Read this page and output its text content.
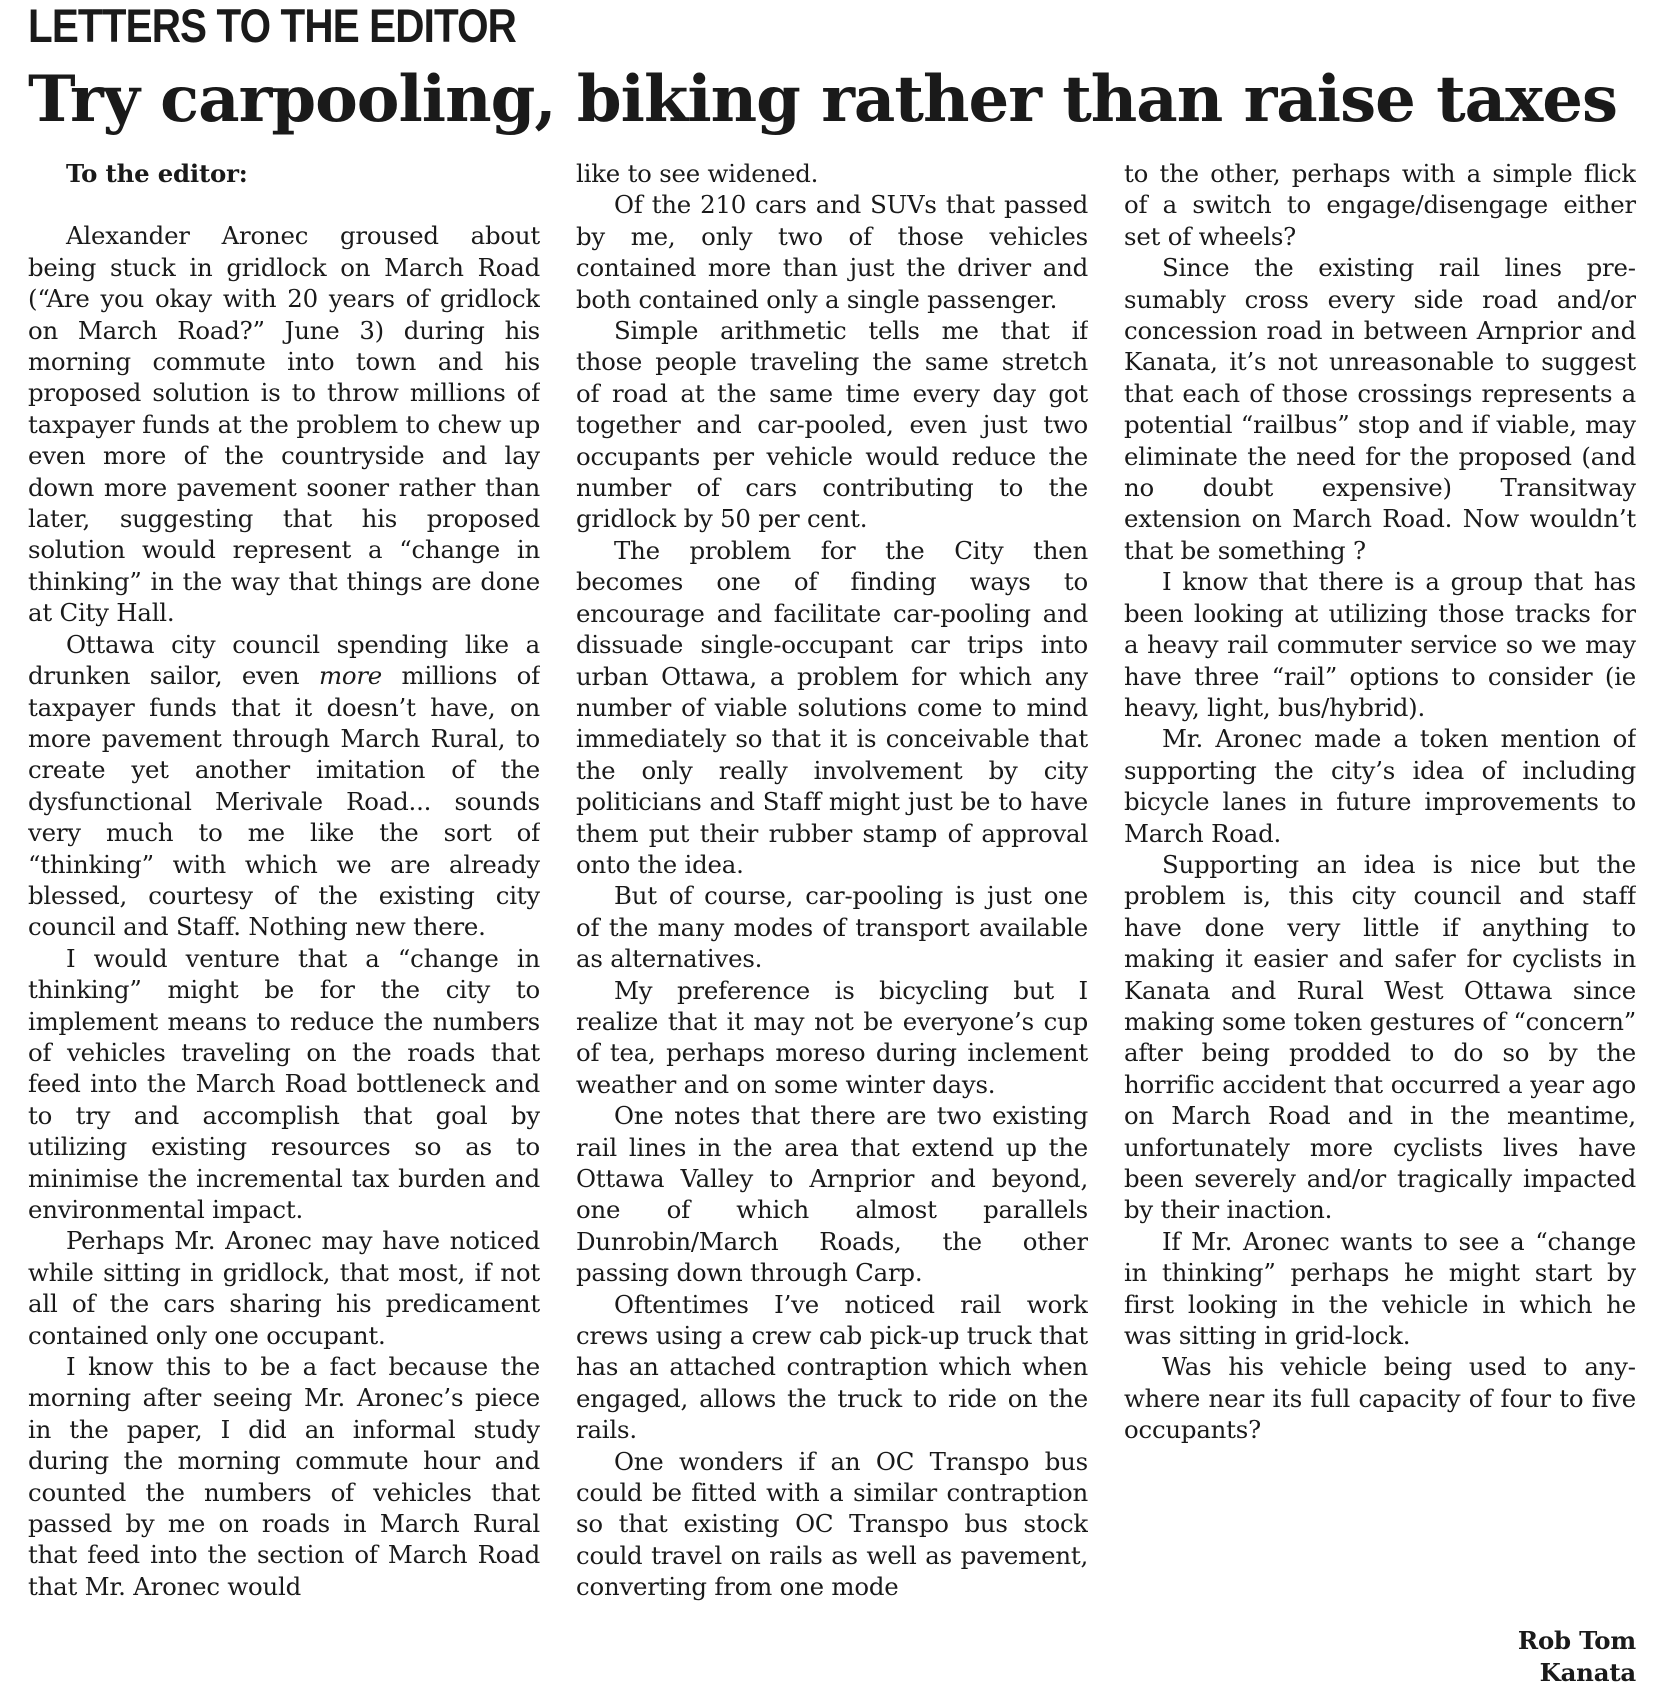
LETTERS TO THE EDITOR
Try carpooling, biking rather than raise taxes

To the editor:

Alexander Aronec groused about being stuck in gridlock on March Road (“Are you okay with 20 years of gridlock on March Road?” June 3) during his morning commute into town and his proposed solution is to throw millions of taxpayer funds at the problem to chew up even more of the countryside and lay down more pavement sooner rather than later, suggesting that his proposed solution would represent a “change in thinking” in the way that things are done at City Hall.

Ottawa city council spending like a drunken sailor, even more millions of taxpayer funds that it doesn’t have, on more pavement through March Rural, to create yet another imitation of the dysfunctional Merivale Road... sounds very much to me like the sort of “thinking” with which we are already blessed, courtesy of the existing city council and Staff. Nothing new there.

I would venture that a “change in thinking” might be for the city to implement means to reduce the numbers of vehicles traveling on the roads that feed into the March Road bottleneck and to try and accomplish that goal by utilizing existing resources so as to minimise the incremental tax burden and environmental impact.

Perhaps Mr. Aronec may have noticed while sitting in gridlock, that most, if not all of the cars sharing his predicament contained only one occupant.

I know this to be a fact because the morning after seeing Mr. Aronec’s piece in the paper, I did an informal study during the morning commute hour and counted the numbers of vehicles that passed by me on roads in March Rural that feed into the section of March Road that Mr. Aronec would

like to see widened.

Of the 210 cars and SUVs that passed by me, only two of those vehicles contained more than just the driver and both contained only a single passenger.

Simple arithmetic tells me that if those people traveling the same stretch of road at the same time every day got together and car-pooled, even just two occupants per vehicle would reduce the number of cars contributing to the gridlock by 50 per cent.

The problem for the City then becomes one of finding ways to encourage and facilitate car-pooling and dissuade single-occupant car trips into urban Ottawa, a problem for which any number of viable solutions come to mind immediately so that it is conceivable that the only really involvement by city politicians and Staff might just be to have them put their rubber stamp of approval onto the idea.

But of course, car-pooling is just one of the many modes of transport available as alternatives.

My preference is bicycling but I realize that it may not be everyone’s cup of tea, perhaps moreso during inclement weather and on some winter days.

One notes that there are two existing rail lines in the area that extend up the Ottawa Valley to Arnprior and beyond, one of which almost parallels Dunrobin/March Roads, the other passing down through Carp.

Oftentimes I’ve noticed rail work crews using a crew cab pick-up truck that has an attached contraption which when engaged, allows the truck to ride on the rails.

One wonders if an OC Transpo bus could be fitted with a similar contraption so that existing OC Transpo bus stock could travel on rails as well as pavement, converting from one mode

to the other, perhaps with a simple flick of a switch to engage/disengage either set of wheels?

Since the existing rail lines presumably cross every side road and/or concession road in between Arnprior and Kanata, it’s not unreasonable to suggest that each of those crossings represents a potential “railbus” stop and if viable, may eliminate the need for the proposed (and no doubt expensive) Transitway extension on March Road. Now wouldn’t that be something ?

I know that there is a group that has been looking at utilizing those tracks for a heavy rail commuter service so we may have three “rail” options to consider (ie heavy, light, bus/hybrid).

Mr. Aronec made a token mention of supporting the city’s idea of including bicycle lanes in future improvements to March Road.

Supporting an idea is nice but the problem is, this city council and staff have done very little if anything to making it easier and safer for cyclists in Kanata and Rural West Ottawa since making some token gestures of “concern” after being prodded to do so by the horrific accident that occurred a year ago on March Road and in the meantime, unfortunately more cyclists lives have been severely and/or tragically impacted by their inaction.

If Mr. Aronec wants to see a “change in thinking” perhaps he might start by first looking in the vehicle in which he was sitting in grid-lock.

Was his vehicle being used to anywhere near its full capacity of four to five occupants?

Rob Tom
Kanata
